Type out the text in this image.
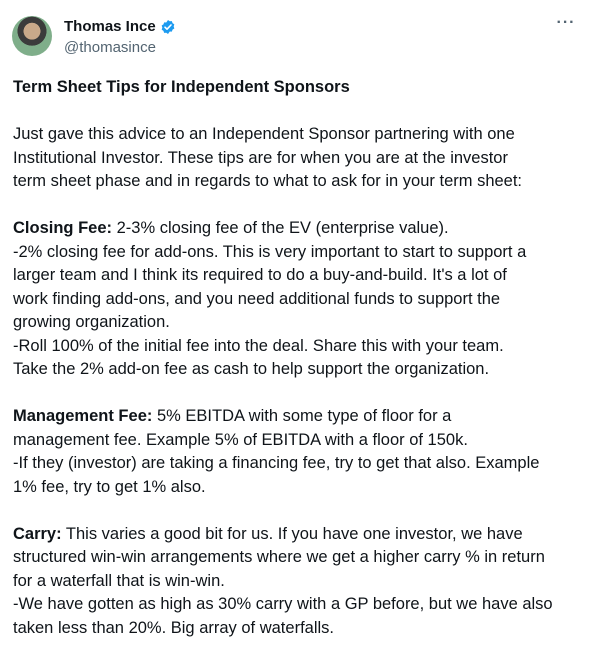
Thomas Ince
@thomasince
···
Term Sheet Tips for Independent Sponsors
Just gave this advice to an Independent Sponsor partnering with one
Institutional Investor. These tips are for when you are at the investor
term sheet phase and in regards to what to ask for in your term sheet:
Closing Fee: 2-3% closing fee of the EV (enterprise value).
-2% closing fee for add-ons. This is very important to start to support a
larger team and I think its required to do a buy-and-build. It's a lot of
work finding add-ons, and you need additional funds to support the
growing organization.
-Roll 100% of the initial fee into the deal. Share this with your team.
Take the 2% add-on fee as cash to help support the organization.
Management Fee: 5% EBITDA with some type of floor for a
management fee. Example 5% of EBITDA with a floor of 150k.
-If they (investor) are taking a financing fee, try to get that also. Example
1% fee, try to get 1% also.
Carry: This varies a good bit for us. If you have one investor, we have
structured win-win arrangements where we get a higher carry % in return
for a waterfall that is win-win.
-We have gotten as high as 30% carry with a GP before, but we have also
taken less than 20%. Big array of waterfalls.
